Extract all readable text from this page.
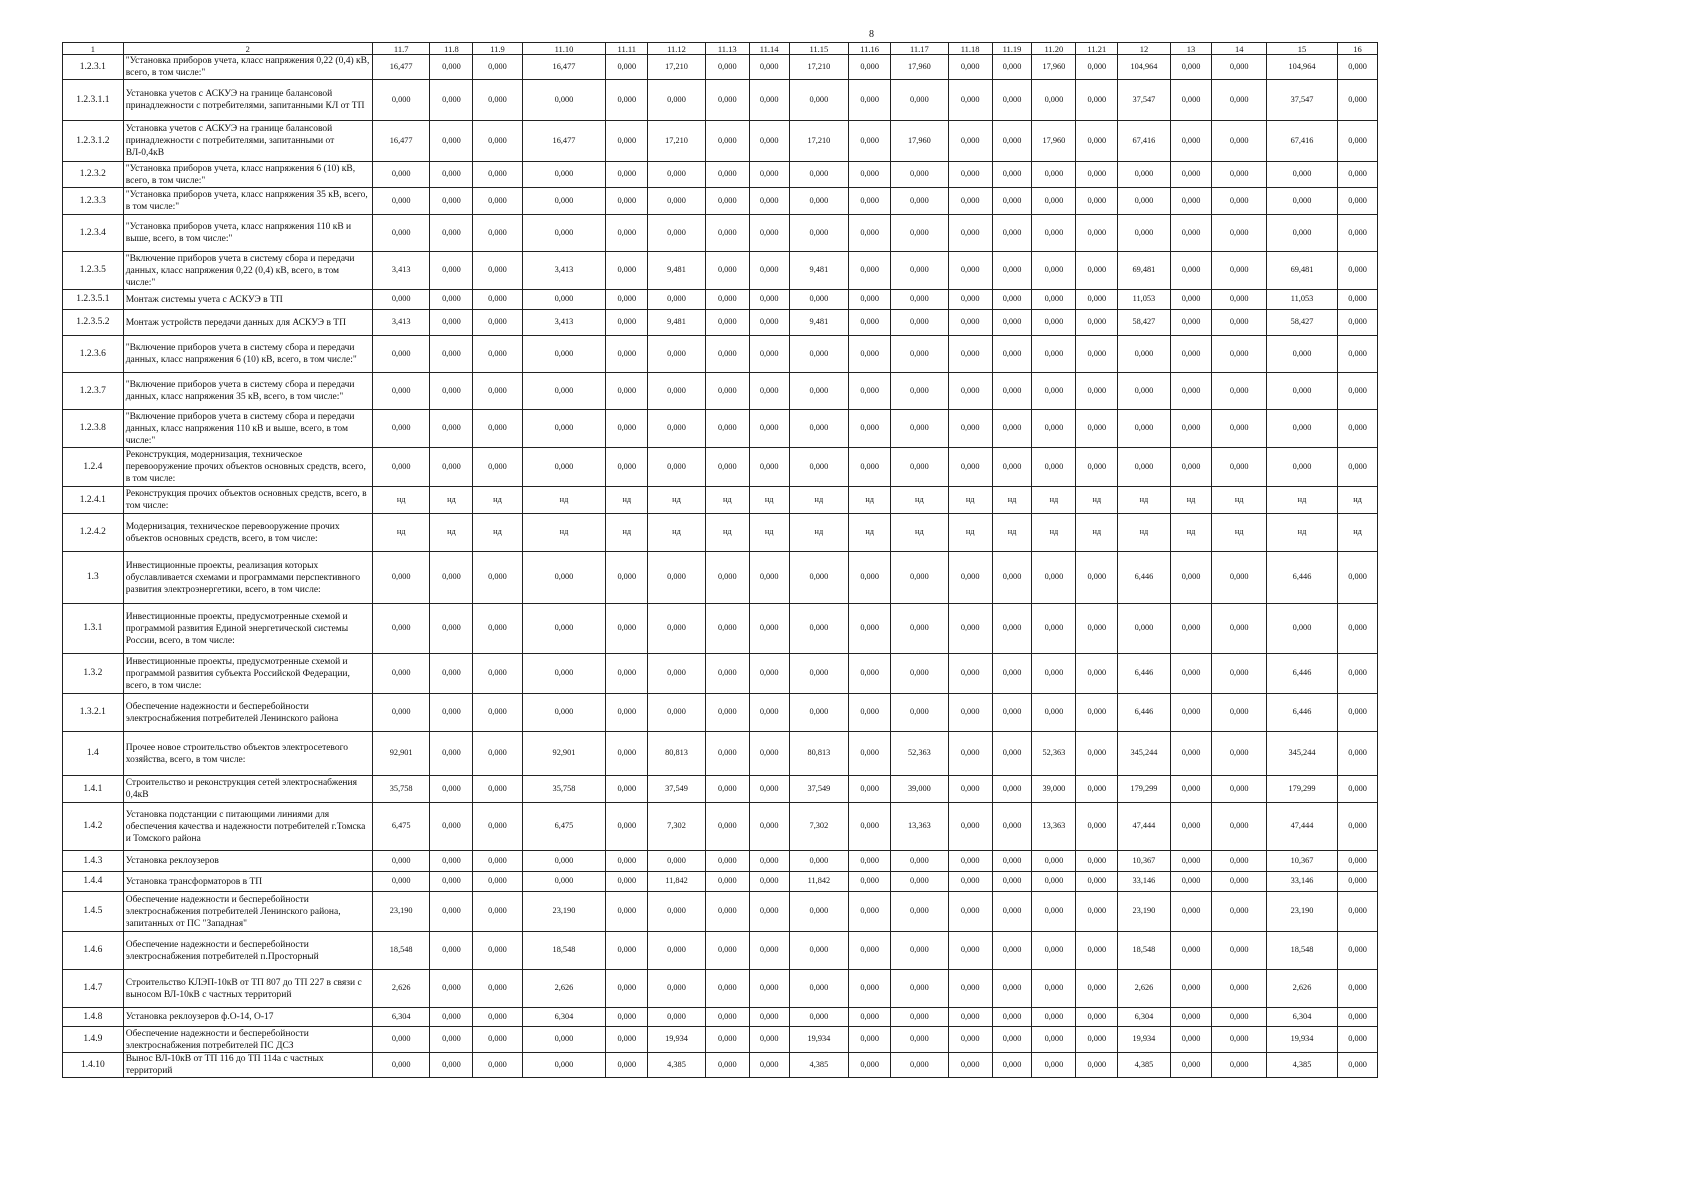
8
1	2	11.7	11.8	11.9	11.10	11.11	11.12	11.13	11.14	11.15	11.16	11.17	11.18	11.19	11.20	11.21	12	13	14	15	16
1.2.3.1	"Установка приборов учета, класс напряжения 0,22 (0,4) кВ, всего, в том числе:"	16,477	0,000	0,000	16,477	0,000	17,210	0,000	0,000	17,210	0,000	17,960	0,000	0,000	17,960	0,000	104,964	0,000	0,000	104,964	0,000
1.2.3.1.1	Установка учетов с АСКУЭ на границе балансовой принадлежности с потребителями, запитанными КЛ от ТП	0,000	0,000	0,000	0,000	0,000	0,000	0,000	0,000	0,000	0,000	0,000	0,000	0,000	0,000	0,000	37,547	0,000	0,000	37,547	0,000
1.2.3.1.2	Установка учетов с АСКУЭ на границе балансовой принадлежности с потребителями, запитанными от ВЛ-0,4кВ	16,477	0,000	0,000	16,477	0,000	17,210	0,000	0,000	17,210	0,000	17,960	0,000	0,000	17,960	0,000	67,416	0,000	0,000	67,416	0,000
1.2.3.2	"Установка приборов учета, класс напряжения 6 (10) кВ, всего, в том числе:"	0,000	0,000	0,000	0,000	0,000	0,000	0,000	0,000	0,000	0,000	0,000	0,000	0,000	0,000	0,000	0,000	0,000	0,000	0,000	0,000
1.2.3.3	"Установка приборов учета, класс напряжения 35 кВ, всего, в том числе:"	0,000	0,000	0,000	0,000	0,000	0,000	0,000	0,000	0,000	0,000	0,000	0,000	0,000	0,000	0,000	0,000	0,000	0,000	0,000	0,000
1.2.3.4	"Установка приборов учета, класс напряжения 110 кВ и выше, всего, в том числе:"	0,000	0,000	0,000	0,000	0,000	0,000	0,000	0,000	0,000	0,000	0,000	0,000	0,000	0,000	0,000	0,000	0,000	0,000	0,000	0,000
1.2.3.5	"Включение приборов учета в систему сбора и передачи данных, класс напряжения 0,22 (0,4) кВ, всего, в том числе:"	3,413	0,000	0,000	3,413	0,000	9,481	0,000	0,000	9,481	0,000	0,000	0,000	0,000	0,000	0,000	69,481	0,000	0,000	69,481	0,000
1.2.3.5.1	Монтаж системы учета с АСКУЭ в ТП	0,000	0,000	0,000	0,000	0,000	0,000	0,000	0,000	0,000	0,000	0,000	0,000	0,000	0,000	0,000	11,053	0,000	0,000	11,053	0,000
1.2.3.5.2	Монтаж устройств передачи данных для АСКУЭ в ТП	3,413	0,000	0,000	3,413	0,000	9,481	0,000	0,000	9,481	0,000	0,000	0,000	0,000	0,000	0,000	58,427	0,000	0,000	58,427	0,000
1.2.3.6	"Включение приборов учета в систему сбора и передачи данных, класс напряжения 6 (10) кВ, всего, в том числе:"	0,000	0,000	0,000	0,000	0,000	0,000	0,000	0,000	0,000	0,000	0,000	0,000	0,000	0,000	0,000	0,000	0,000	0,000	0,000	0,000
1.2.3.7	"Включение приборов учета в систему сбора и передачи данных, класс напряжения 35 кВ, всего, в том числе:"	0,000	0,000	0,000	0,000	0,000	0,000	0,000	0,000	0,000	0,000	0,000	0,000	0,000	0,000	0,000	0,000	0,000	0,000	0,000	0,000
1.2.3.8	"Включение приборов учета в систему сбора и передачи данных, класс напряжения 110 кВ и выше, всего, в том числе:"	0,000	0,000	0,000	0,000	0,000	0,000	0,000	0,000	0,000	0,000	0,000	0,000	0,000	0,000	0,000	0,000	0,000	0,000	0,000	0,000
1.2.4	Реконструкция, модернизация, техническое перевооружение прочих объектов основных средств, всего, в том числе:	0,000	0,000	0,000	0,000	0,000	0,000	0,000	0,000	0,000	0,000	0,000	0,000	0,000	0,000	0,000	0,000	0,000	0,000	0,000	0,000
1.2.4.1	Реконструкция прочих объектов основных средств, всего, в том числе:	нд	нд	нд	нд	нд	нд	нд	нд	нд	нд	нд	нд	нд	нд	нд	нд	нд	нд	нд	нд
1.2.4.2	Модернизация, техническое перевооружение прочих объектов основных средств, всего, в том числе:	нд	нд	нд	нд	нд	нд	нд	нд	нд	нд	нд	нд	нд	нд	нд	нд	нд	нд	нд	нд
1.3	Инвестиционные проекты, реализация которых обуславливается схемами и программами перспективного развития электроэнергетики, всего, в том числе:	0,000	0,000	0,000	0,000	0,000	0,000	0,000	0,000	0,000	0,000	0,000	0,000	0,000	0,000	0,000	6,446	0,000	0,000	6,446	0,000
1.3.1	Инвестиционные проекты, предусмотренные схемой и программой развития Единой энергетической системы России, всего, в том числе:	0,000	0,000	0,000	0,000	0,000	0,000	0,000	0,000	0,000	0,000	0,000	0,000	0,000	0,000	0,000	0,000	0,000	0,000	0,000	0,000
1.3.2	Инвестиционные проекты, предусмотренные схемой и программой развития субъекта Российской Федерации, всего, в том числе:	0,000	0,000	0,000	0,000	0,000	0,000	0,000	0,000	0,000	0,000	0,000	0,000	0,000	0,000	0,000	6,446	0,000	0,000	6,446	0,000
1.3.2.1	Обеспечение надежности и бесперебойности электроснабжения потребителей Ленинского района	0,000	0,000	0,000	0,000	0,000	0,000	0,000	0,000	0,000	0,000	0,000	0,000	0,000	0,000	0,000	6,446	0,000	0,000	6,446	0,000
1.4	Прочее новое строительство объектов электросетевого хозяйства, всего, в том числе:	92,901	0,000	0,000	92,901	0,000	80,813	0,000	0,000	80,813	0,000	52,363	0,000	0,000	52,363	0,000	345,244	0,000	0,000	345,244	0,000
1.4.1	Строительство и реконструкция сетей электроснабжения 0,4кВ	35,758	0,000	0,000	35,758	0,000	37,549	0,000	0,000	37,549	0,000	39,000	0,000	0,000	39,000	0,000	179,299	0,000	0,000	179,299	0,000
1.4.2	Установка подстанции с питающими линиями для обеспечения качества и надежности потребителей г.Томска и Томского района	6,475	0,000	0,000	6,475	0,000	7,302	0,000	0,000	7,302	0,000	13,363	0,000	0,000	13,363	0,000	47,444	0,000	0,000	47,444	0,000
1.4.3	Установка реклоузеров	0,000	0,000	0,000	0,000	0,000	0,000	0,000	0,000	0,000	0,000	0,000	0,000	0,000	0,000	0,000	10,367	0,000	0,000	10,367	0,000
1.4.4	Установка трансформаторов в ТП	0,000	0,000	0,000	0,000	0,000	11,842	0,000	0,000	11,842	0,000	0,000	0,000	0,000	0,000	0,000	33,146	0,000	0,000	33,146	0,000
1.4.5	Обеспечение надежности и бесперебойности электроснабжения потребителей Ленинского района, запитанных от ПС "Западная"	23,190	0,000	0,000	23,190	0,000	0,000	0,000	0,000	0,000	0,000	0,000	0,000	0,000	0,000	0,000	23,190	0,000	0,000	23,190	0,000
1.4.6	Обеспечение надежности и бесперебойности электроснабжения потребителей п.Просторный	18,548	0,000	0,000	18,548	0,000	0,000	0,000	0,000	0,000	0,000	0,000	0,000	0,000	0,000	0,000	18,548	0,000	0,000	18,548	0,000
1.4.7	Строительство КЛЭП-10кВ от ТП 807 до ТП 227 в связи с выносом ВЛ-10кВ с частных территорий	2,626	0,000	0,000	2,626	0,000	0,000	0,000	0,000	0,000	0,000	0,000	0,000	0,000	0,000	0,000	2,626	0,000	0,000	2,626	0,000
1.4.8	Установка реклоузеров ф.О-14, О-17	6,304	0,000	0,000	6,304	0,000	0,000	0,000	0,000	0,000	0,000	0,000	0,000	0,000	0,000	0,000	6,304	0,000	0,000	6,304	0,000
1.4.9	Обеспечение надежности и бесперебойности электроснабжения потребителей ПС ДСЗ	0,000	0,000	0,000	0,000	0,000	19,934	0,000	0,000	19,934	0,000	0,000	0,000	0,000	0,000	0,000	19,934	0,000	0,000	19,934	0,000
1.4.10	Вынос ВЛ-10кВ от ТП 116 до ТП 114а с частных территорий	0,000	0,000	0,000	0,000	0,000	4,385	0,000	0,000	4,385	0,000	0,000	0,000	0,000	0,000	0,000	4,385	0,000	0,000	4,385	0,000
